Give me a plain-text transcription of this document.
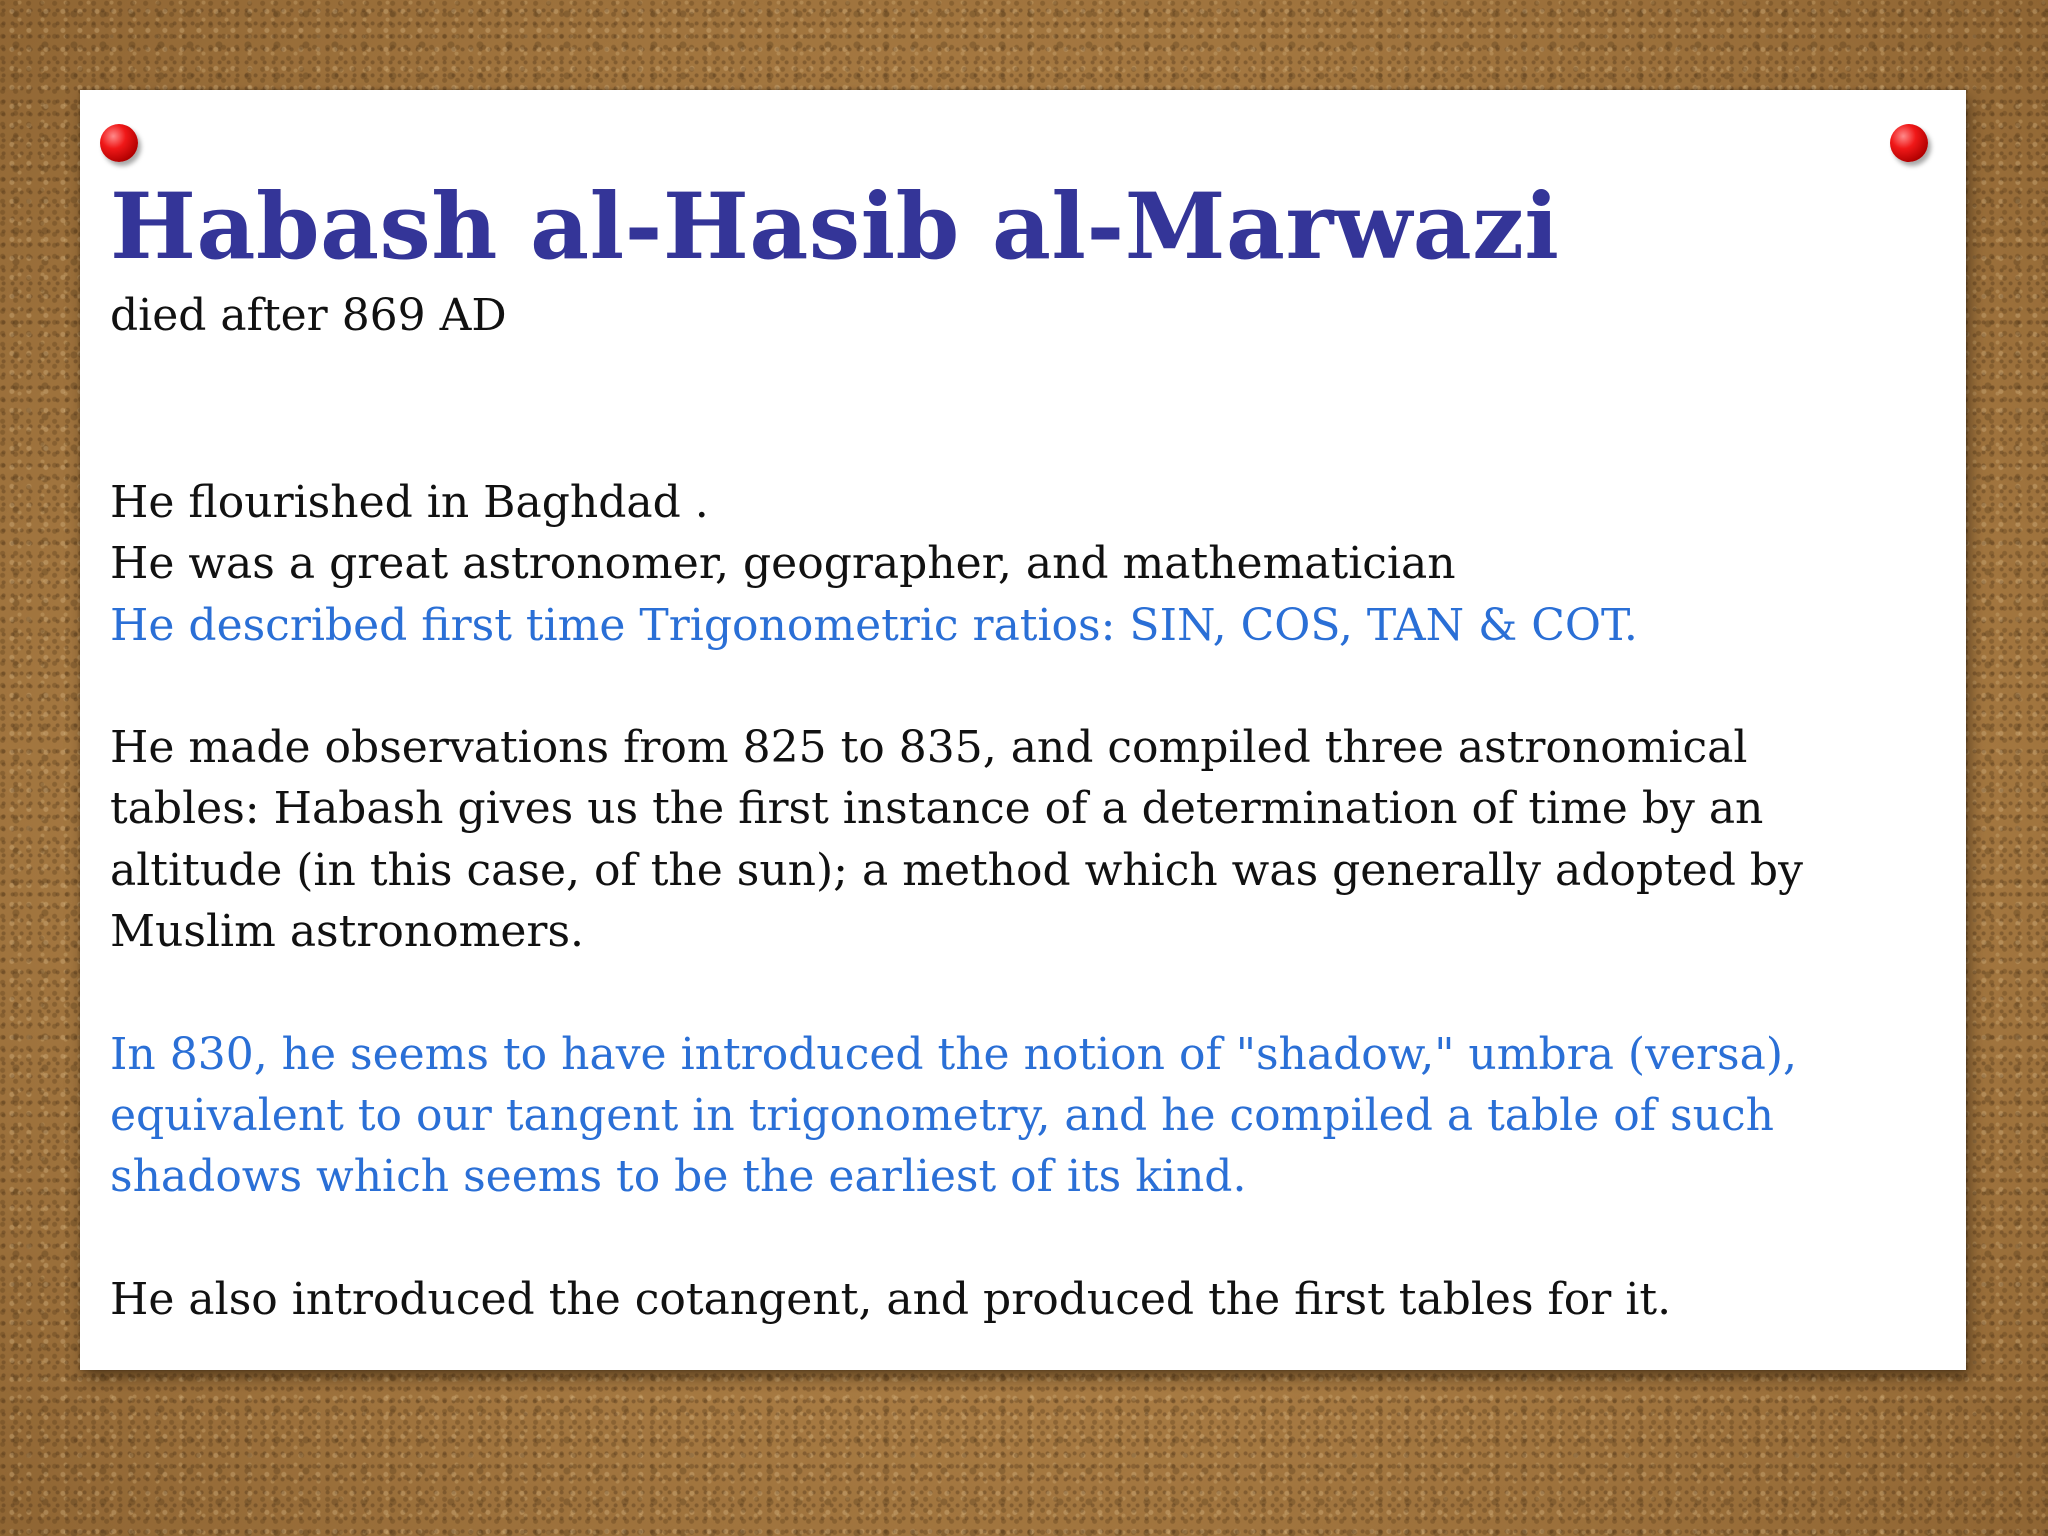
Habash al-Hasib al-Marwazi

died after 869 AD

He flourished in Baghdad .

He was a great astronomer, geographer, and mathematician

He described first time Trigonometric ratios: SIN, COS, TAN & COT.

He made observations from 825 to 835, and compiled three astronomical tables: Habash gives us the first instance of a determination of time by an altitude (in this case, of the sun); a method which was generally adopted by Muslim astronomers.

In 830, he seems to have introduced the notion of "shadow," umbra (versa), equivalent to our tangent in trigonometry, and he compiled a table of such shadows which seems to be the earliest of its kind.

He also introduced the cotangent, and produced the first tables for it.
